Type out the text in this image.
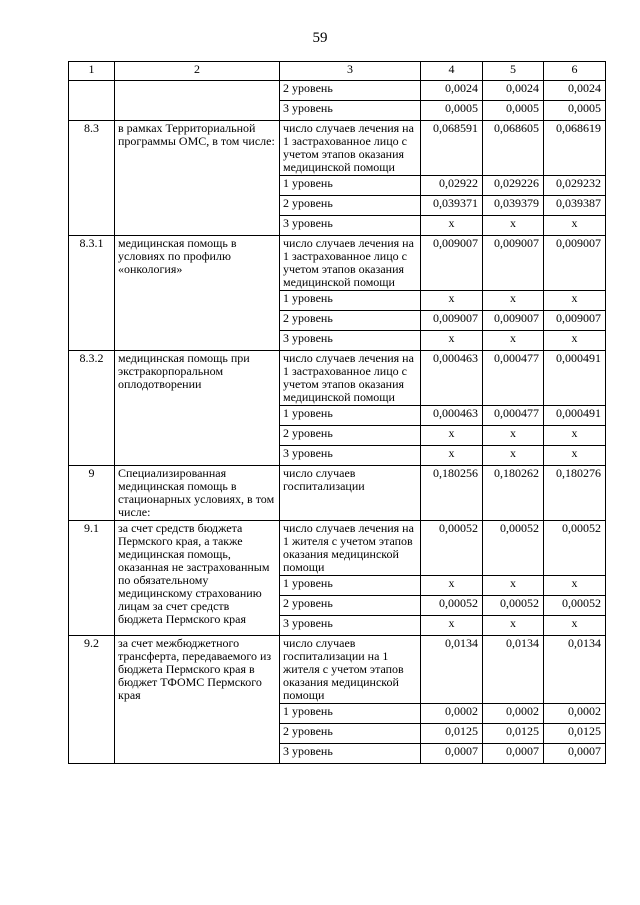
59
1	2	3	4	5	6
		2 уровень	0,0024	0,0024	0,0024
		3 уровень	0,0005	0,0005	0,0005
8.3	в рамках Территориальной программы ОМС, в том числе:	число случаев лечения на 1 застрахованное лицо с учетом этапов оказания медицинской помощи	0,068591	0,068605	0,068619
		1 уровень	0,02922	0,029226	0,029232
		2 уровень	0,039371	0,039379	0,039387
		3 уровень	x	x	x
8.3.1	медицинская помощь в условиях по профилю «онкология»	число случаев лечения на 1 застрахованное лицо с учетом этапов оказания медицинской помощи	0,009007	0,009007	0,009007
		1 уровень	x	x	x
		2 уровень	0,009007	0,009007	0,009007
		3 уровень	x	x	x
8.3.2	медицинская помощь при экстракорпоральном оплодотворении	число случаев лечения на 1 застрахованное лицо с учетом этапов оказания медицинской помощи	0,000463	0,000477	0,000491
		1 уровень	0,000463	0,000477	0,000491
		2 уровень	x	x	x
		3 уровень	x	x	x
9	Специализированная медицинская помощь в стационарных условиях, в том числе:	число случаев госпитализации	0,180256	0,180262	0,180276
9.1	за счет средств бюджета Пермского края, а также медицинская помощь, оказанная не застрахованным по обязательному медицинскому страхованию лицам за счет средств бюджета Пермского края	число случаев лечения на 1 жителя с учетом этапов оказания медицинской помощи	0,00052	0,00052	0,00052
		1 уровень	x	x	x
		2 уровень	0,00052	0,00052	0,00052
		3 уровень	x	x	x
9.2	за счет межбюджетного трансферта, передаваемого из бюджета Пермского края в бюджет ТФОМС Пермского края	число случаев госпитализации на 1 жителя с учетом этапов оказания медицинской помощи	0,0134	0,0134	0,0134
		1 уровень	0,0002	0,0002	0,0002
		2 уровень	0,0125	0,0125	0,0125
		3 уровень	0,0007	0,0007	0,0007
